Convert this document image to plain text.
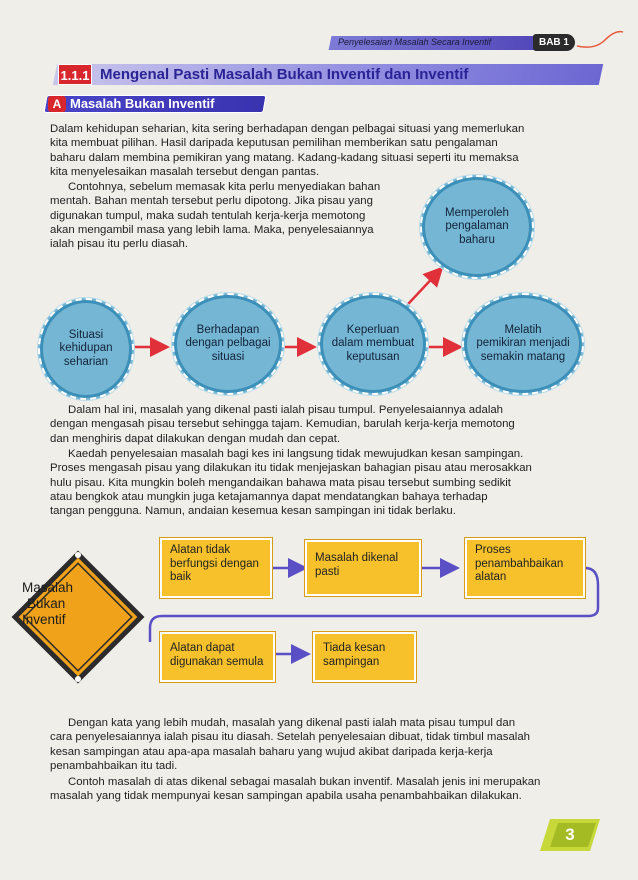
Penyelesaian Masalah Secara Inventif	BAB 1
1.1.1 Mengenal Pasti Masalah Bukan Inventif dan Inventif
A Masalah Bukan Inventif

Dalam kehidupan seharian, kita sering berhadapan dengan pelbagai situasi yang memerlukan

kita membuat pilihan. Hasil daripada keputusan pemilihan memberikan satu pengalaman

baharu dalam membina pemikiran yang matang. Kadang-kadang situasi seperti itu memaksa

kita menyelesaikan masalah tersebut dengan pantas.

Contohnya, sebelum memasak kita perlu menyediakan bahan

mentah. Bahan mentah tersebut perlu dipotong. Jika pisau yang

digunakan tumpul, maka sudah tentulah kerja-kerja memotong

akan mengambil masa yang lebih lama. Maka, penyelesaiannya

ialah pisau itu perlu diasah.

Situasi
kehidupan
seharian
Berhadapan
dengan pelbagai
situasi
Keperluan
dalam membuat
keputusan
Melatih
pemikiran menjadi
semakin matang
Memperoleh
pengalaman
baharu

Dalam hal ini, masalah yang dikenal pasti ialah pisau tumpul. Penyelesaiannya adalah

dengan mengasah pisau tersebut sehingga tajam. Kemudian, barulah kerja-kerja memotong

dan menghiris dapat dilakukan dengan mudah dan cepat.

Kaedah penyelesaian masalah bagi kes ini langsung tidak mewujudkan kesan sampingan.

Proses mengasah pisau yang dilakukan itu tidak menjejaskan bahagian pisau atau merosakkan

hulu pisau. Kita mungkin boleh mengandaikan bahawa mata pisau tersebut sumbing sedikit

atau bengkok atau mungkin juga ketajamannya dapat mendatangkan bahaya terhadap

tangan pengguna. Namun, andaian kesemua kesan sampingan ini tidak berlaku.

Masalah
Bukan
Inventif
Alatan tidak
berfungsi dengan
baik
Masalah dikenal
pasti
Proses
penambahbaikan
alatan
Alatan dapat
digunakan semula
Tiada kesan
sampingan

Dengan kata yang lebih mudah, masalah yang dikenal pasti ialah mata pisau tumpul dan

cara penyelesaiannya ialah pisau itu diasah. Setelah penyelesaian dibuat, tidak timbul masalah

kesan sampingan atau apa-apa masalah baharu yang wujud akibat daripada kerja-kerja

penambahbaikan itu tadi.

Contoh masalah di atas dikenal sebagai masalah bukan inventif. Masalah jenis ini merupakan

masalah yang tidak mempunyai kesan sampingan apabila usaha penambahbaikan dilakukan.

3
